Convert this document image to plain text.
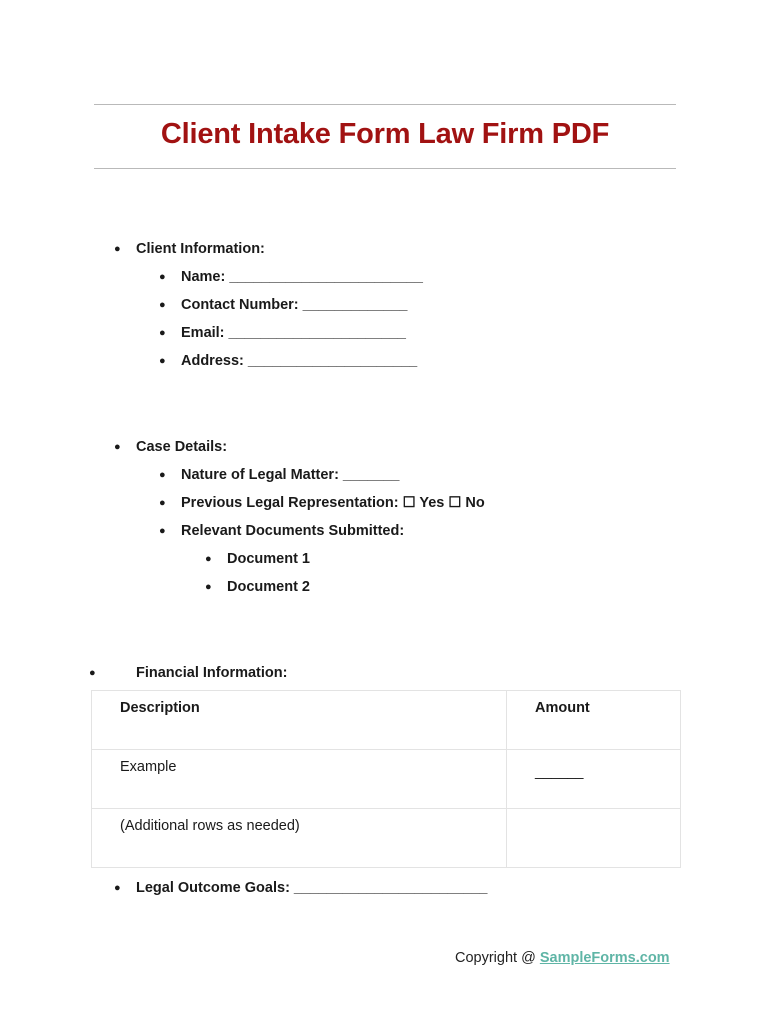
Client Intake Form Law Firm PDF
● Client Information:
● Name: ________________________
● Contact Number: _____________
● Email: ______________________
● Address: _____________________
● Case Details:
● Nature of Legal Matter: _______
● Previous Legal Representation: ☐ Yes ☐ No
● Relevant Documents Submitted:
● Document 1
● Document 2
●	Financial Information:
Description	Amount
Example	______
(Additional rows as needed)	
● Legal Outcome Goals: ________________________
Copyright @ SampleForms.com
